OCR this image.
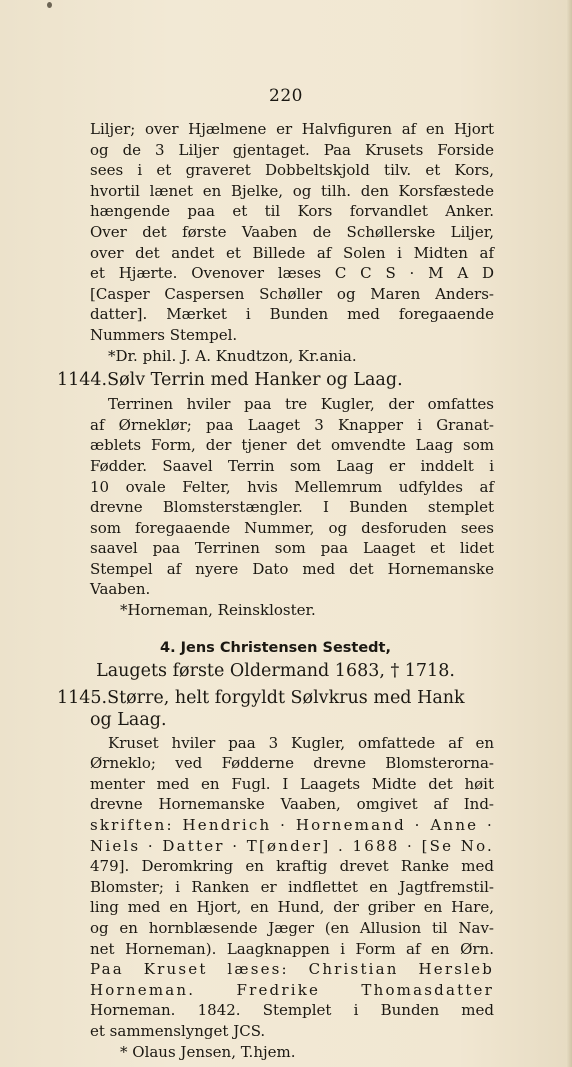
220
Liljer; over Hjælmene er Halvfiguren af en Hjort
og de 3 Liljer gjentaget. Paa Krusets Forside
sees i et graveret Dobbeltskjold tilv. et Kors,
hvortil lænet en Bjelke, og tilh. den Korsfæstede
hængende paa et til Kors forvandlet Anker.
Over det første Vaaben de Schøllerske Liljer,
over det andet et Billede af Solen i Midten af
et Hjærte. Ovenover læses C C S · M A D
[Casper Caspersen Schøller og Maren Anders-
datter]. Mærket i Bunden med foregaaende
Nummers Stempel.
*Dr. phil. J. A. Knudtzon, Kr.ania.
1144.Sølv Terrin med Hanker og Laag.
Terrinen hviler paa tre Kugler, der omfattes
af Ørneklør; paa Laaget 3 Knapper i Granat-
æblets Form, der tjener det omvendte Laag som
Fødder. Saavel Terrin som Laag er inddelt i
10 ovale Felter, hvis Mellemrum udfyldes af
drevne Blomsterstængler. I Bunden stemplet
som foregaaende Nummer, og desforuden sees
saavel paa Terrinen som paa Laaget et lidet
Stempel af nyere Dato med det Hornemanske
Vaaben.
*Horneman, Reinskloster.
4. Jens Christensen Sestedt,
Laugets første Oldermand 1683, † 1718.
1145.Større, helt forgyldt Sølvkrus med Hank
og Laag.
Kruset hviler paa 3 Kugler, omfattede af en
Ørneklo; ved Fødderne drevne Blomsterorna-
menter med en Fugl. I Laagets Midte det høit
drevne Hornemanske Vaaben, omgivet af Ind-
skriften: Hendrich · Hornemand · Anne ·
Niels · Datter · T[ønder] . 1688 · [Se No.
479]. Deromkring en kraftig drevet Ranke med
Blomster; i Ranken er indflettet en Jagtfremstil-
ling med en Hjort, en Hund, der griber en Hare,
og en hornblæsende Jæger (en Allusion til Nav-
net Horneman). Laagknappen i Form af en Ørn.
Paa Kruset læses: Christian Hersleb
Horneman. Fredrike Thomasdatter
Horneman. 1842. Stemplet i Bunden med
et sammenslynget JCS.
* Olaus Jensen, T.hjem.
